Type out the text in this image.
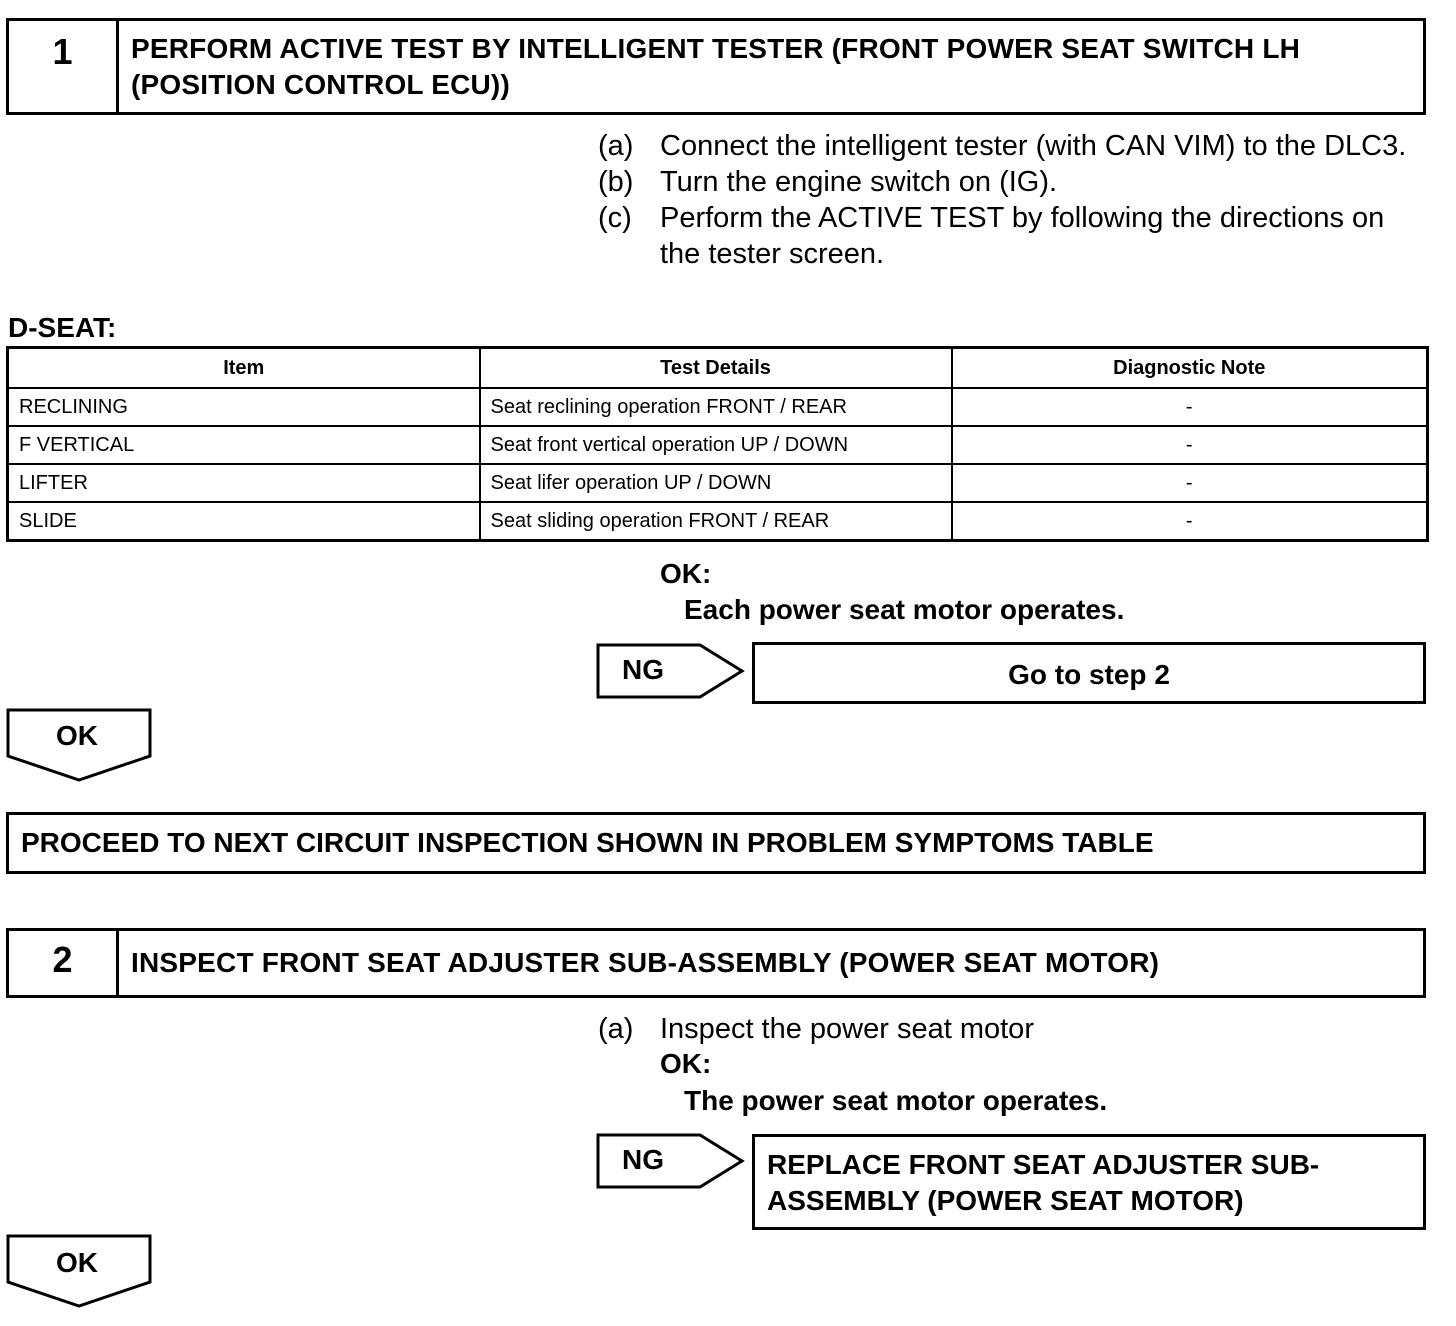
1	PERFORM ACTIVE TEST BY INTELLIGENT TESTER (FRONT POWER SEAT SWITCH LH (POSITION CONTROL ECU))
(a) Connect the intelligent tester (with CAN VIM) to the DLC3.
(b) Turn the engine switch on (IG).
(c) Perform the ACTIVE TEST by following the directions on the tester screen.
D-SEAT:
Item	Test Details	Diagnostic Note
RECLINING	Seat reclining operation FRONT / REAR	-
F VERTICAL	Seat front vertical operation UP / DOWN	-
LIFTER	Seat lifer operation UP / DOWN	-
SLIDE	Seat sliding operation FRONT / REAR	-
OK:
Each power seat motor operates.
NG	Go to step 2
OK
PROCEED TO NEXT CIRCUIT INSPECTION SHOWN IN PROBLEM SYMPTOMS TABLE
2	INSPECT FRONT SEAT ADJUSTER SUB-ASSEMBLY (POWER SEAT MOTOR)
(a) Inspect the power seat motor
OK:
The power seat motor operates.
NG	REPLACE FRONT SEAT ADJUSTER SUB-ASSEMBLY (POWER SEAT MOTOR)
OK
